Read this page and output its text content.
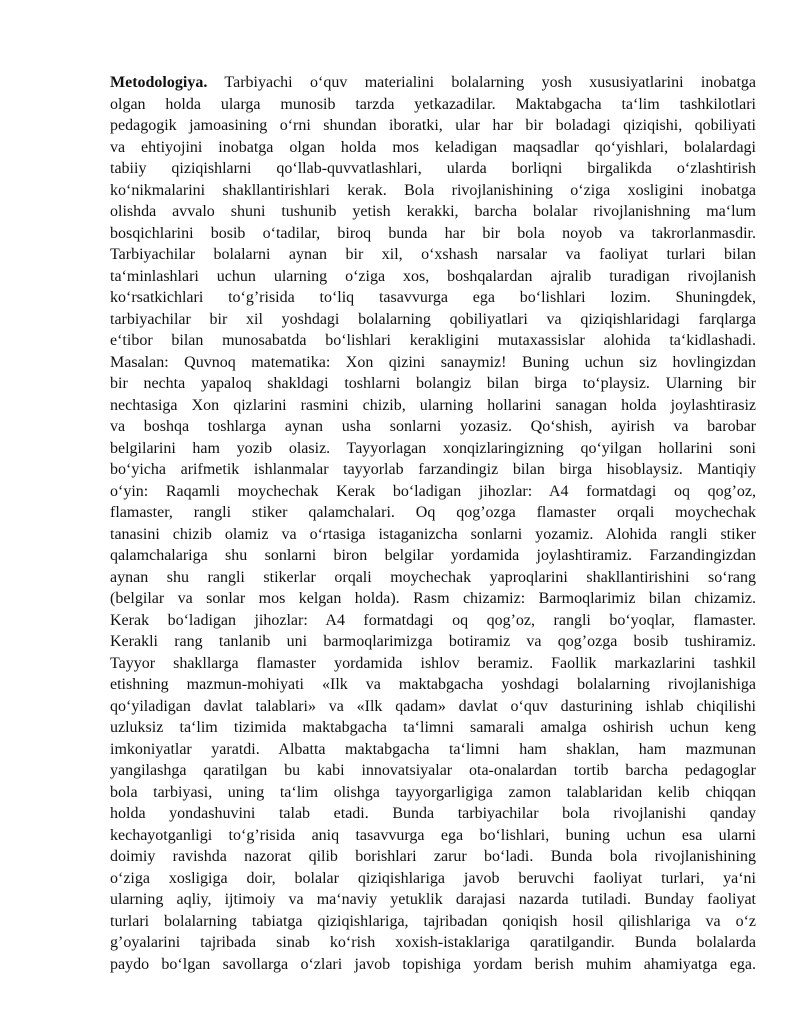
Metodologiya. Tarbiyachi o‘quv materialini bolalarning yosh xususiyatlarini inobatga
olgan holda ularga munosib tarzda yetkazadilar. Maktabgacha ta‘lim tashkilotlari
pedagogik jamoasining o‘rni shundan iboratki, ular har bir boladagi qiziqishi, qobiliyati
va ehtiyojini inobatga olgan holda mos keladigan maqsadlar qo‘yishlari, bolalardagi
tabiiy qiziqishlarni qo‘llab-quvvatlashlari, ularda borliqni birgalikda o‘zlashtirish
ko‘nikmalarini shakllantirishlari kerak. Bola rivojlanishining o‘ziga xosligini inobatga
olishda avvalo shuni tushunib yetish kerakki, barcha bolalar rivojlanishning ma‘lum
bosqichlarini bosib o‘tadilar, biroq bunda har bir bola noyob va takrorlanmasdir.
Tarbiyachilar bolalarni aynan bir xil, o‘xshash narsalar va faoliyat turlari bilan
ta‘minlashlari uchun ularning o‘ziga xos, boshqalardan ajralib turadigan rivojlanish
ko‘rsatkichlari to‘g’risida to‘liq tasavvurga ega bo‘lishlari lozim. Shuningdek,
tarbiyachilar bir xil yoshdagi bolalarning qobiliyatlari va qiziqishlaridagi farqlarga
e‘tibor bilan munosabatda bo‘lishlari kerakligini mutaxassislar alohida ta‘kidlashadi.
Masalan: Quvnoq matematika: Xon qizini sanaymiz! Buning uchun siz hovlingizdan
bir nechta yapaloq shakldagi toshlarni bolangiz bilan birga to‘playsiz. Ularning bir
nechtasiga Xon qizlarini rasmini chizib, ularning hollarini sanagan holda joylashtirasiz
va boshqa toshlarga aynan usha sonlarni yozasiz. Qo‘shish, ayirish va barobar
belgilarini ham yozib olasiz. Tayyorlagan xonqizlaringizning qo‘yilgan hollarini soni
bo‘yicha arifmetik ishlanmalar tayyorlab farzandingiz bilan birga hisoblaysiz. Mantiqiy
o‘yin: Raqamli moychechak Kerak bo‘ladigan jihozlar: A4 formatdagi oq qog’oz,
flamaster, rangli stiker qalamchalari. Oq qog’ozga flamaster orqali moychechak
tanasini chizib olamiz va o‘rtasiga istaganizcha sonlarni yozamiz. Alohida rangli stiker
qalamchalariga shu sonlarni biron belgilar yordamida joylashtiramiz. Farzandingizdan
aynan shu rangli stikerlar orqali moychechak yaproqlarini shakllantirishini so‘rang
(belgilar va sonlar mos kelgan holda). Rasm chizamiz: Barmoqlarimiz bilan chizamiz.
Kerak bo‘ladigan jihozlar: A4 formatdagi oq qog’oz, rangli bo‘yoqlar, flamaster.
Kerakli rang tanlanib uni barmoqlarimizga botiramiz va qog’ozga bosib tushiramiz.
Tayyor shakllarga flamaster yordamida ishlov beramiz. Faollik markazlarini tashkil
etishning mazmun-mohiyati «Ilk va maktabgacha yoshdagi bolalarning rivojlanishiga
qo‘yiladigan davlat talablari» va «Ilk qadam» davlat o‘quv dasturining ishlab chiqilishi
uzluksiz ta‘lim tizimida maktabgacha ta‘limni samarali amalga oshirish uchun keng
imkoniyatlar yaratdi. Albatta maktabgacha ta‘limni ham shaklan, ham mazmunan
yangilashga qaratilgan bu kabi innovatsiyalar ota-onalardan tortib barcha pedagoglar
bola tarbiyasi, uning ta‘lim olishga tayyorgarligiga zamon talablaridan kelib chiqqan
holda yondashuvini talab etadi. Bunda tarbiyachilar bola rivojlanishi qanday
kechayotganligi to‘g’risida aniq tasavvurga ega bo‘lishlari, buning uchun esa ularni
doimiy ravishda nazorat qilib borishlari zarur bo‘ladi. Bunda bola rivojlanishining
o‘ziga xosligiga doir, bolalar qiziqishlariga javob beruvchi faoliyat turlari, ya‘ni
ularning aqliy, ijtimoiy va ma‘naviy yetuklik darajasi nazarda tutiladi. Bunday faoliyat
turlari bolalarning tabiatga qiziqishlariga, tajribadan qoniqish hosil qilishlariga va o‘z
g’oyalarini tajribada sinab ko‘rish xoxish-istaklariga qaratilgandir. Bunda bolalarda
paydo bo‘lgan savollarga o‘zlari javob topishiga yordam berish muhim ahamiyatga ega.
